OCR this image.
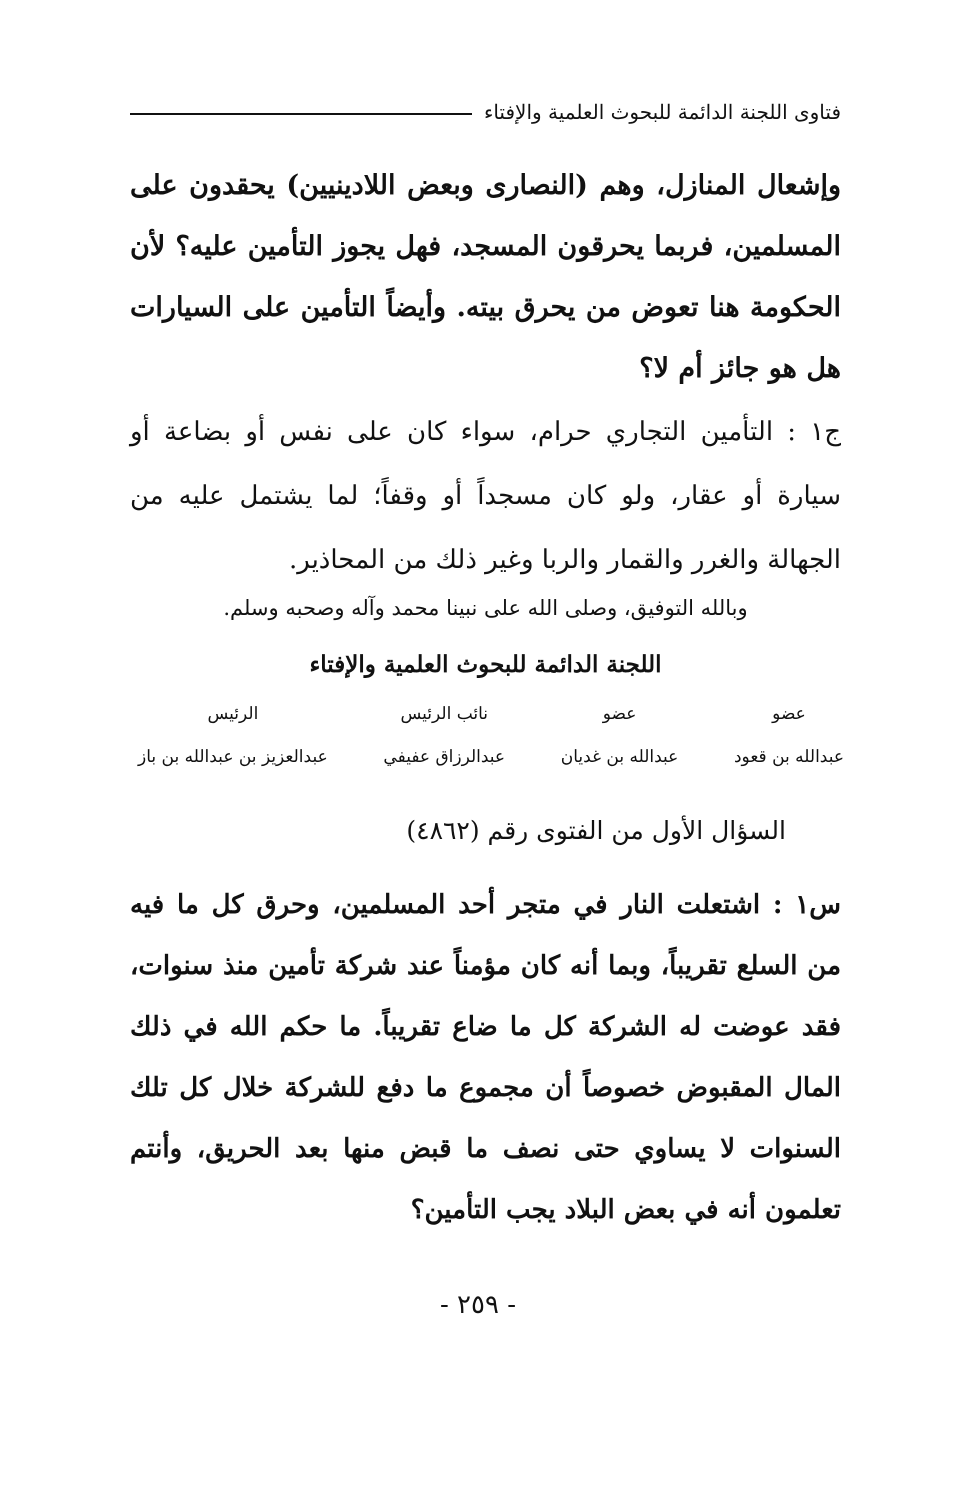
فتاوى اللجنة الدائمة للبحوث العلمية والإفتاء

وإشعال المنازل، وهم (النصارى وبعض اللادينيين) يحقدون على المسلمين، فربما يحرقون المسجد، فهل يجوز التأمين عليه؟ لأن الحكومة هنا تعوض من يحرق بيته. وأيضاً التأمين على السيارات هل هو جائز أم لا؟

ج١ : التأمين التجاري حرام، سواء كان على نفس أو بضاعة أو سيارة أو عقار، ولو كان مسجداً أو وقفاً؛ لما يشتمل عليه من الجهالة والغرر والقمار والربا وغير ذلك من المحاذير.

وبالله التوفيق، وصلى الله على نبينا محمد وآله وصحبه وسلم.
اللجنة الدائمة للبحوث العلمية والإفتاء
عضو
عبدالله بن قعود
عضو
عبدالله بن غديان
نائب الرئيس
عبدالرزاق عفيفي
الرئيس
عبدالعزيز بن عبدالله بن باز
السؤال الأول من الفتوى رقم (٤٨٦٢)

س١ : اشتعلت النار في متجر أحد المسلمين، وحرق كل ما فيه من السلع تقريباً، وبما أنه كان مؤمناً عند شركة تأمين منذ سنوات، فقد عوضت له الشركة كل ما ضاع تقريباً. ما حكم الله في ذلك المال المقبوض خصوصاً أن مجموع ما دفع للشركة خلال كل تلك السنوات لا يساوي حتى نصف ما قبض منها بعد الحريق، وأنتم تعلمون أنه في بعض البلاد يجب التأمين؟

- ٢٥٩ -
